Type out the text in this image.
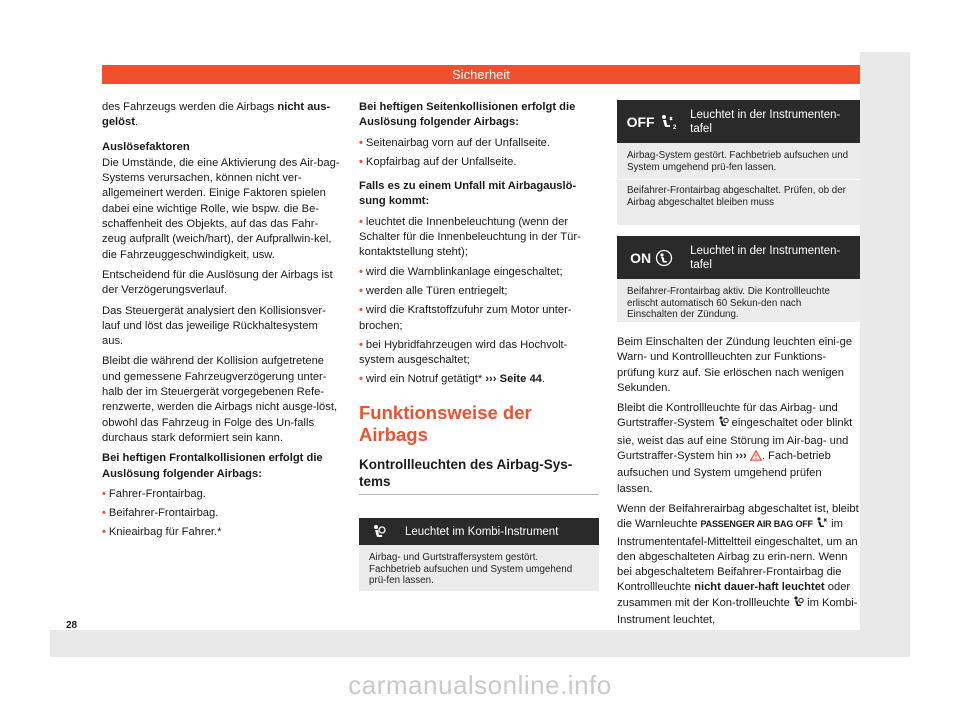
Sicherheit

des Fahrzeugs werden die Airbags nicht aus-gelöst.

Auslösefaktoren

Die Umstände, die eine Aktivierung des Air-bag-Systems verursachen, können nicht ver-allgemeinert werden. Einige Faktoren spielen dabei eine wichtige Rolle, wie bspw. die Be-schaffenheit des Objekts, auf das das Fahr-zeug aufprallt (weich/hart), der Aufprallwin-kel, die Fahrzeuggeschwindigkeit, usw.

Entscheidend für die Auslösung der Airbags ist der Verzögerungsverlauf.

Das Steuergerät analysiert den Kollisionsver-lauf und löst das jeweilige Rückhaltesystem aus.

Bleibt die während der Kollision aufgetretene und gemessene Fahrzeugverzögerung unter-halb der im Steuergerät vorgegebenen Refe-renzwerte, werden die Airbags nicht ausge-löst, obwohl das Fahrzeug in Folge des Un-falls durchaus stark deformiert sein kann.

Bei heftigen Frontalkollisionen erfolgt die Auslösung folgender Airbags:

• Fahrer-Frontairbag.
• Beifahrer-Frontairbag.
• Knieairbag für Fahrer.*

Bei heftigen Seitenkollisionen erfolgt die Auslösung folgender Airbags:

• Seitenairbag vorn auf der Unfallseite.
• Kopfairbag auf der Unfallseite.

Falls es zu einem Unfall mit Airbagauslö-sung kommt:

• leuchtet die Innenbeleuchtung (wenn der Schalter für die Innenbeleuchtung in der Tür-kontaktstellung steht);
• wird die Warnblinkanlage eingeschaltet;
• werden alle Türen entriegelt;
• wird die Kraftstoffzufuhr zum Motor unter-brochen;
• bei Hybridfahrzeugen wird das Hochvolt-system ausgeschaltet;
• wird ein Notruf getätigt* ››› Seite 44.
Funktionsweise der Airbags
Kontrollleuchten des Airbag-Sys-tems
Leuchtet im Kombi-Instrument
Airbag- und Gurtstraffersystem gestört. Fachbetrieb aufsuchen und System umgehend prü-fen lassen.
OFF	2
Leuchtet in der Instrumenten-tafel
Airbag-System gestört. Fachbetrieb aufsuchen und System umgehend prü-fen lassen.
Beifahrer-Frontairbag abgeschaltet. Prüfen, ob der Airbag abgeschaltet bleiben muss
ON	Leuchtet in der Instrumenten-tafel
Beifahrer-Frontairbag aktiv. Die Kontrollleuchte erlischt automatisch 60 Sekun-den nach Einschalten der Zündung.

Beim Einschalten der Zündung leuchten eini-ge Warn- und Kontrollleuchten zur Funktions-prüfung kurz auf. Sie erlöschen nach wenigen Sekunden.

Bleibt die Kontrollleuchte für das Airbag- und Gurtstraffer-System  eingeschaltet oder blinkt sie, weist das auf eine Störung im Air-bag- und Gurtstraffer-System hin ››› . Fach-betrieb aufsuchen und System umgehend prüfen lassen.

Wenn der Beifahrerairbag abgeschaltet ist, bleibt die Warnleuchte PASSENGER AIR BAG OFF  im Instrumententafel-Mitteltteil eingeschaltet, um an den abgeschalteten Airbag zu erin-nern. Wenn bei abgeschaltetem Beifahrer-Frontairbag die Kontrollleuchte nicht dauer-haft leuchtet oder zusammen mit der Kon-trollleuchte  im Kombi-Instrument leuchtet,

28
carmanualsonline.info
